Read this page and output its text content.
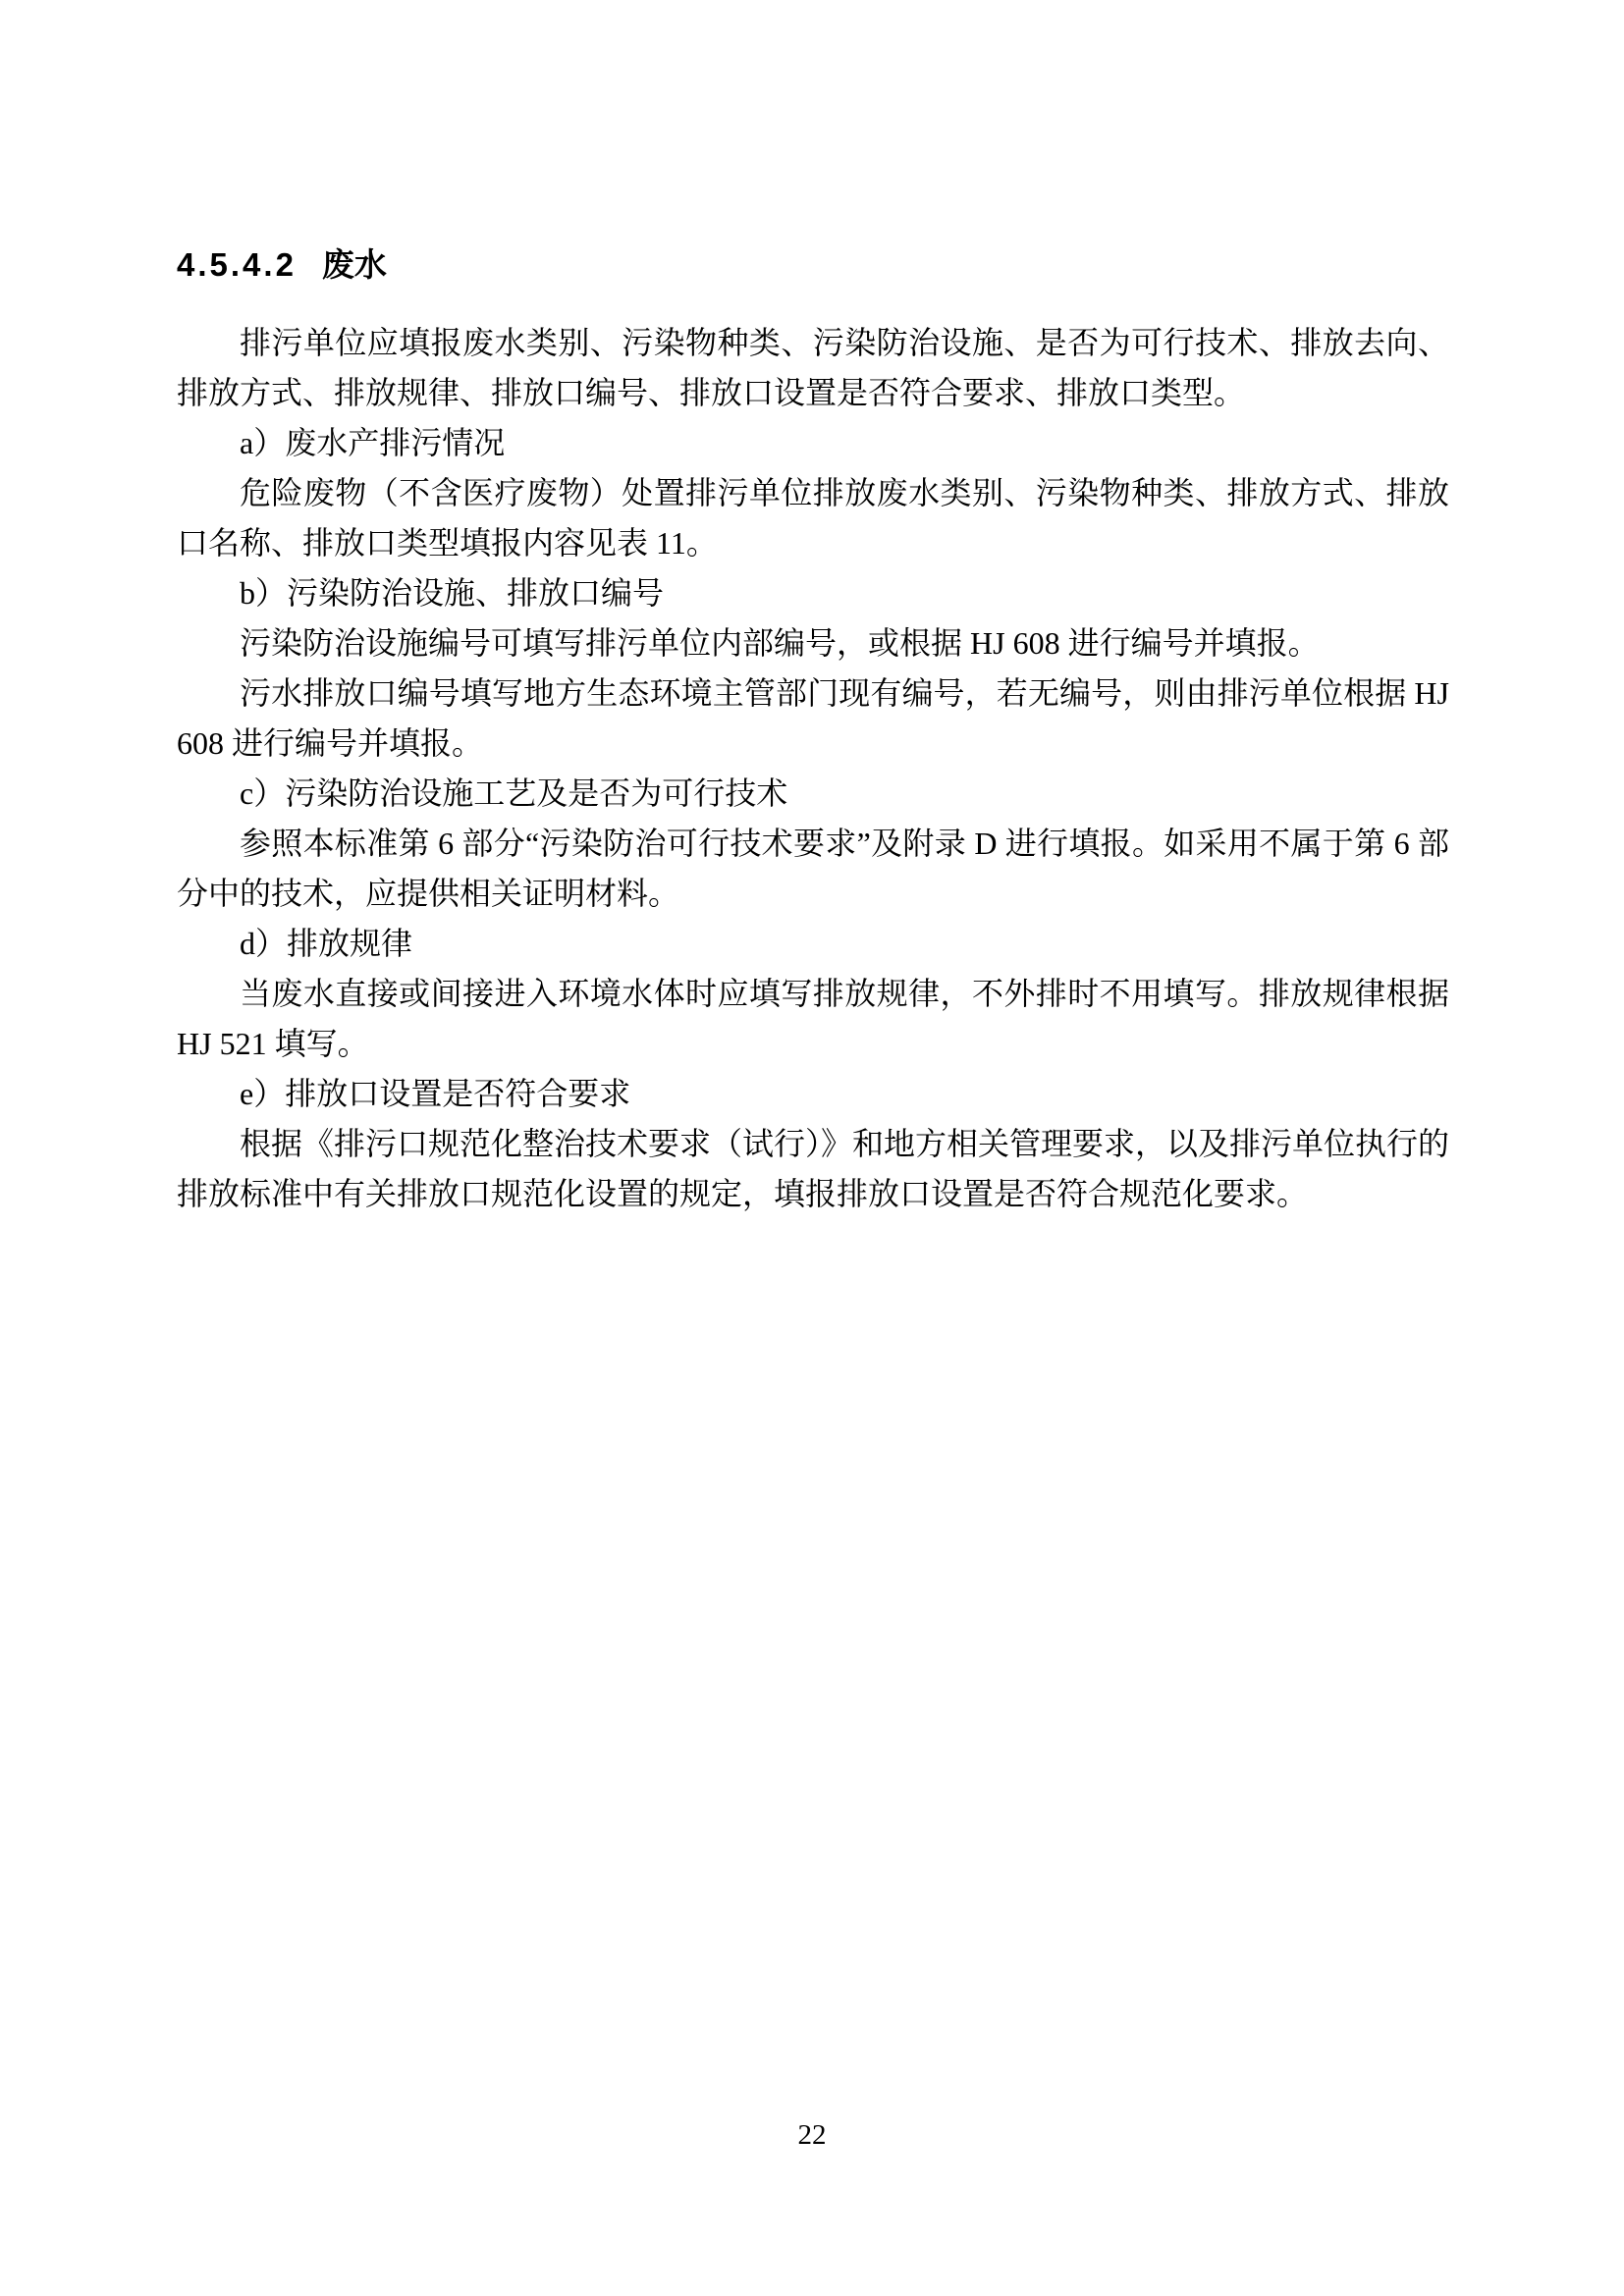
4.5.4.2 废水

排污单位应填报废水类别、污染物种类、污染防治设施、是否为可行技术、排放去向、排放方式、排放规律、排放口编号、排放口设置是否符合要求、排放口类型。

a）废水产排污情况

危险废物（不含医疗废物）处置排污单位排放废水类别、污染物种类、排放方式、排放口名称、排放口类型填报内容见表 11。

b）污染防治设施、排放口编号

污染防治设施编号可填写排污单位内部编号，或根据 HJ 608 进行编号并填报。

污水排放口编号填写地方生态环境主管部门现有编号，若无编号，则由排污单位根据 HJ 608 进行编号并填报。

c）污染防治设施工艺及是否为可行技术

参照本标准第 6 部分“污染防治可行技术要求”及附录 D 进行填报。如采用不属于第 6 部分中的技术，应提供相关证明材料。

d）排放规律

当废水直接或间接进入环境水体时应填写排放规律，不外排时不用填写。排放规律根据 HJ 521 填写。

e）排放口设置是否符合要求

根据《排污口规范化整治技术要求（试行）》和地方相关管理要求，以及排污单位执行的排放标准中有关排放口规范化设置的规定，填报排放口设置是否符合规范化要求。

22
